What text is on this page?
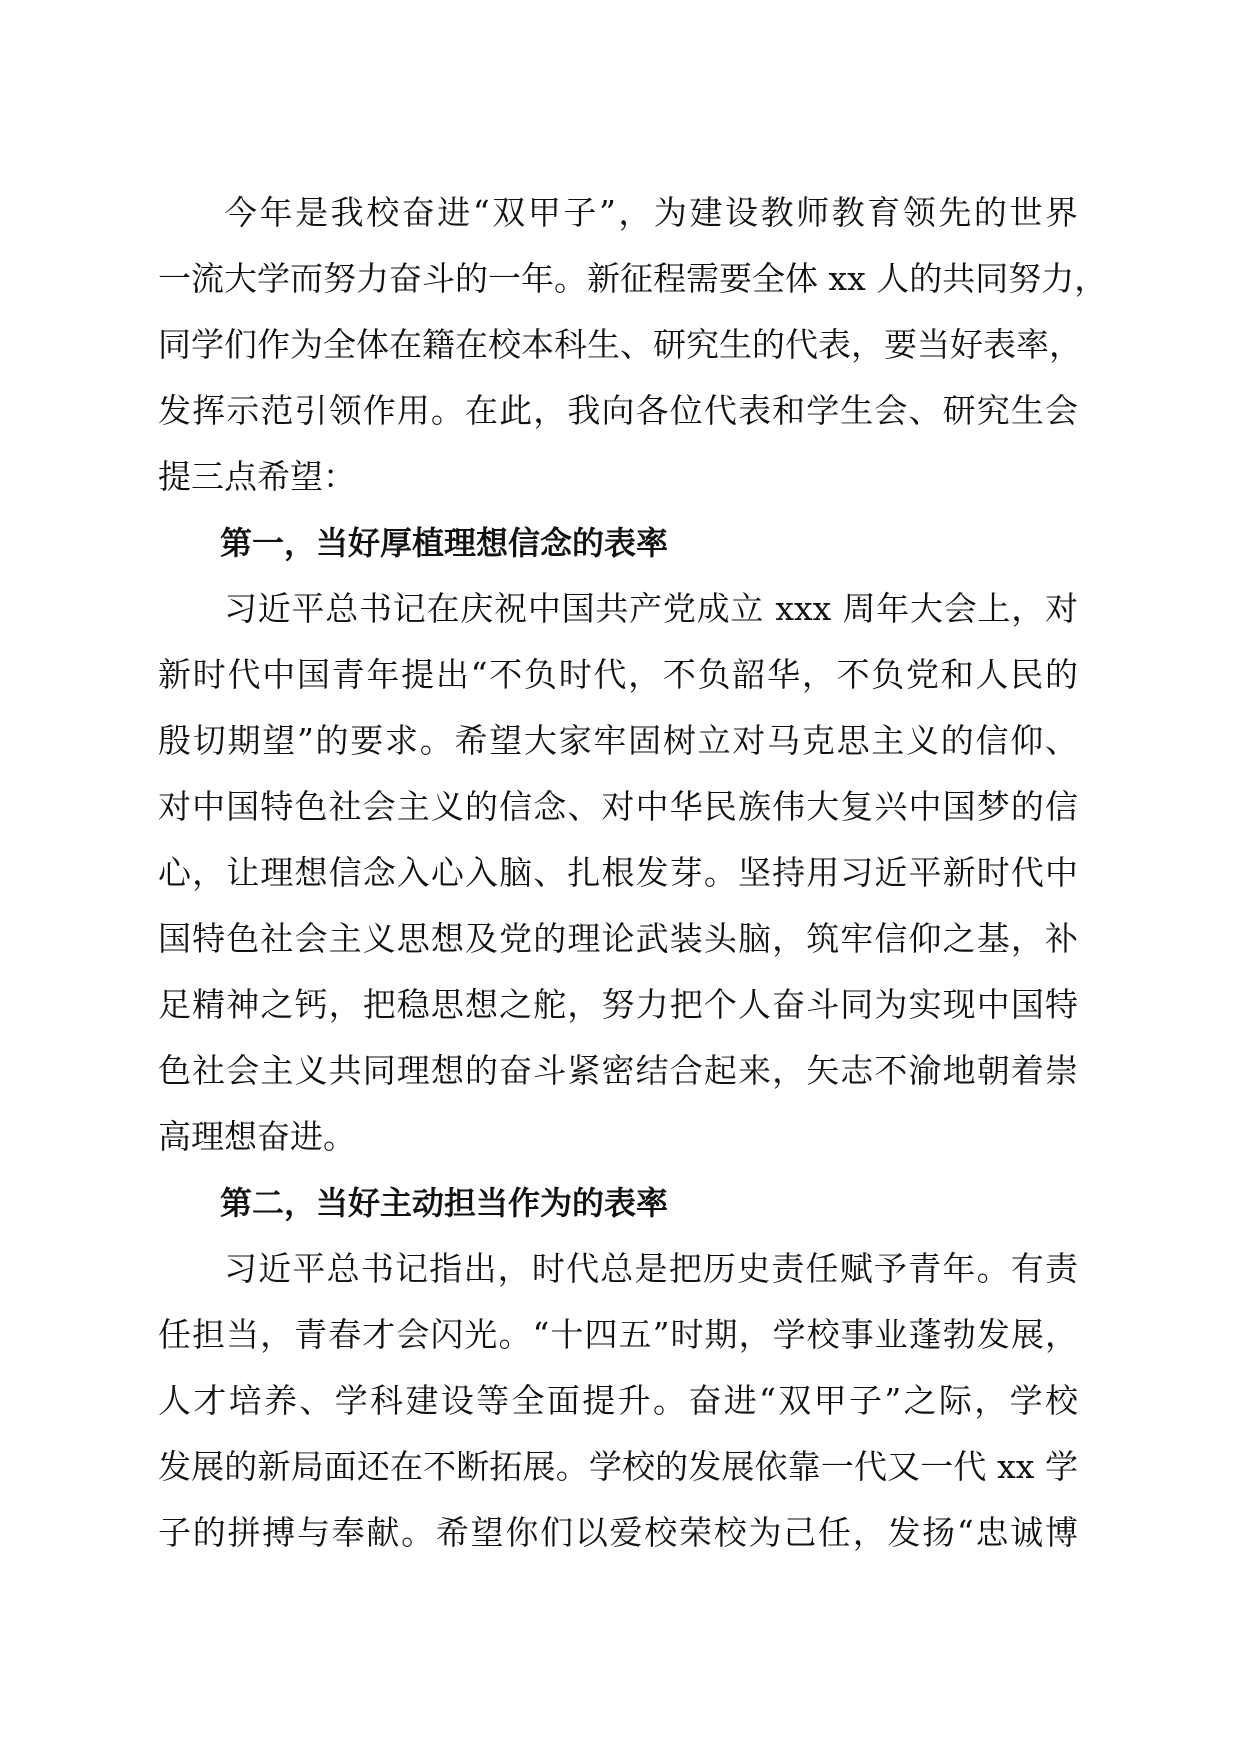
今年是我校奋进“双甲子”，为建设教师教育领先的世界
一流大学而努力奋斗的一年。新征程需要全体 xx 人的共同努力，
同学们作为全体在籍在校本科生、研究生的代表，要当好表率，
发挥示范引领作用。在此，我向各位代表和学生会、研究生会
提三点希望：
第一，当好厚植理想信念的表率
习近平总书记在庆祝中国共产党成立 xxx 周年大会上，对
新时代中国青年提出“不负时代，不负韶华，不负党和人民的
殷切期望”的要求。希望大家牢固树立对马克思主义的信仰、
对中国特色社会主义的信念、对中华民族伟大复兴中国梦的信
心，让理想信念入心入脑、扎根发芽。坚持用习近平新时代中
国特色社会主义思想及党的理论武装头脑，筑牢信仰之基，补
足精神之钙，把稳思想之舵，努力把个人奋斗同为实现中国特
色社会主义共同理想的奋斗紧密结合起来，矢志不渝地朝着崇
高理想奋进。
第二，当好主动担当作为的表率
习近平总书记指出，时代总是把历史责任赋予青年。有责
任担当，青春才会闪光。“十四五”时期，学校事业蓬勃发展，
人才培养、学科建设等全面提升。奋进“双甲子”之际，学校
发展的新局面还在不断拓展。学校的发展依靠一代又一代 xx 学
子的拼搏与奉献。希望你们以爱校荣校为己任，发扬“忠诚博
